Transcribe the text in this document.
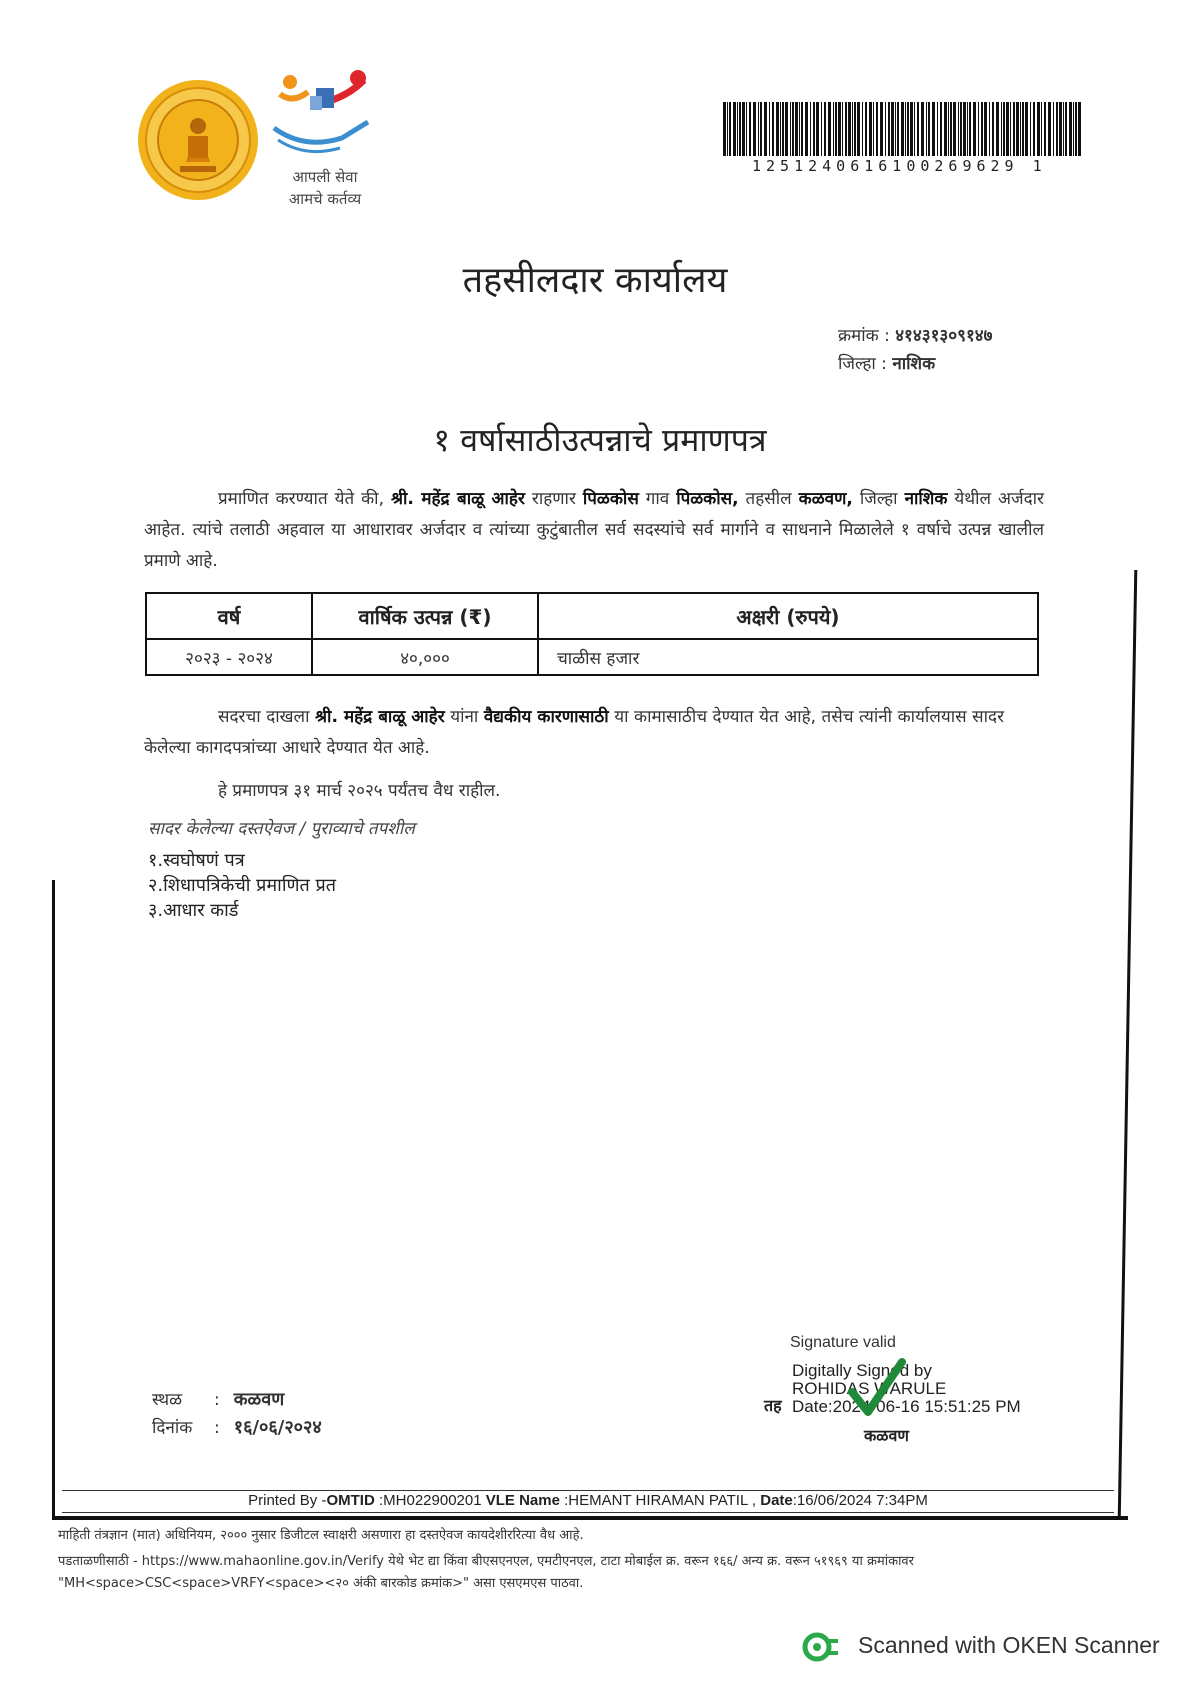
आपली सेवा
आमचे कर्तव्य
1251240616100269629 1
तहसीलदार कार्यालय
क्रमांक : ४१४३१३०९१४७
जिल्हा : नाशिक
१ वर्षासाठीउत्पन्नाचे प्रमाणपत्र
प्रमाणित करण्यात येते की, श्री. महेंद्र बाळू आहेर राहणार पिळकोस गाव पिळकोस, तहसील कळवण, जिल्हा नाशिक येथील अर्जदार आहेत. त्यांचे तलाठी अहवाल या आधारावर अर्जदार व त्यांच्या कुटुंबातील सर्व सदस्यांचे सर्व मार्गाने व साधनाने मिळालेले १ वर्षाचे उत्पन्न खालील प्रमाणे आहे.
वर्ष	वार्षिक उत्पन्न (₹)	अक्षरी (रुपये)
२०२३ - २०२४	४०,०००	चाळीस हजार
सदरचा दाखला श्री. महेंद्र बाळू आहेर यांना वैद्यकीय कारणासाठी या कामासाठीच देण्यात येत आहे, तसेच त्यांनी कार्यालयास सादर केलेल्या कागदपत्रांच्या आधारे देण्यात येत आहे.
हे प्रमाणपत्र ३१ मार्च २०२५ पर्यंतच वैध राहील.
सादर केलेल्या दस्तऐवज / पुराव्याचे तपशील
१.स्वघोषणं पत्र
२.शिधापत्रिकेची प्रमाणित प्रत
३.आधार कार्ड
Signature valid
तह
Digitally Signed by
ROHIDAS WARULE
Date:2024-06-16 15:51:25 PM
कळवण
स्थळ : कळवण
दिनांक : १६/०६/२०२४
Printed By -OMTID :MH022900201 VLE Name :HEMANT HIRAMAN PATIL , Date:16/06/2024 7:34PM
माहिती तंत्रज्ञान (मात) अधिनियम, २००० नुसार डिजीटल स्वाक्षरी असणारा हा दस्तऐवज कायदेशीररित्या वैध आहे.
पडताळणीसाठी - https://www.mahaonline.gov.in/Verify येथे भेट द्या किंवा बीएसएनएल, एमटीएनएल, टाटा मोबाईल क्र. वरून १६६/ अन्य क्र. वरून ५१९६९ या क्रमांकावर
"MH<space>CSC<space>VRFY<space><२० अंकी बारकोड क्रमांक>" असा एसएमएस पाठवा.
Scanned with OKEN Scanner
